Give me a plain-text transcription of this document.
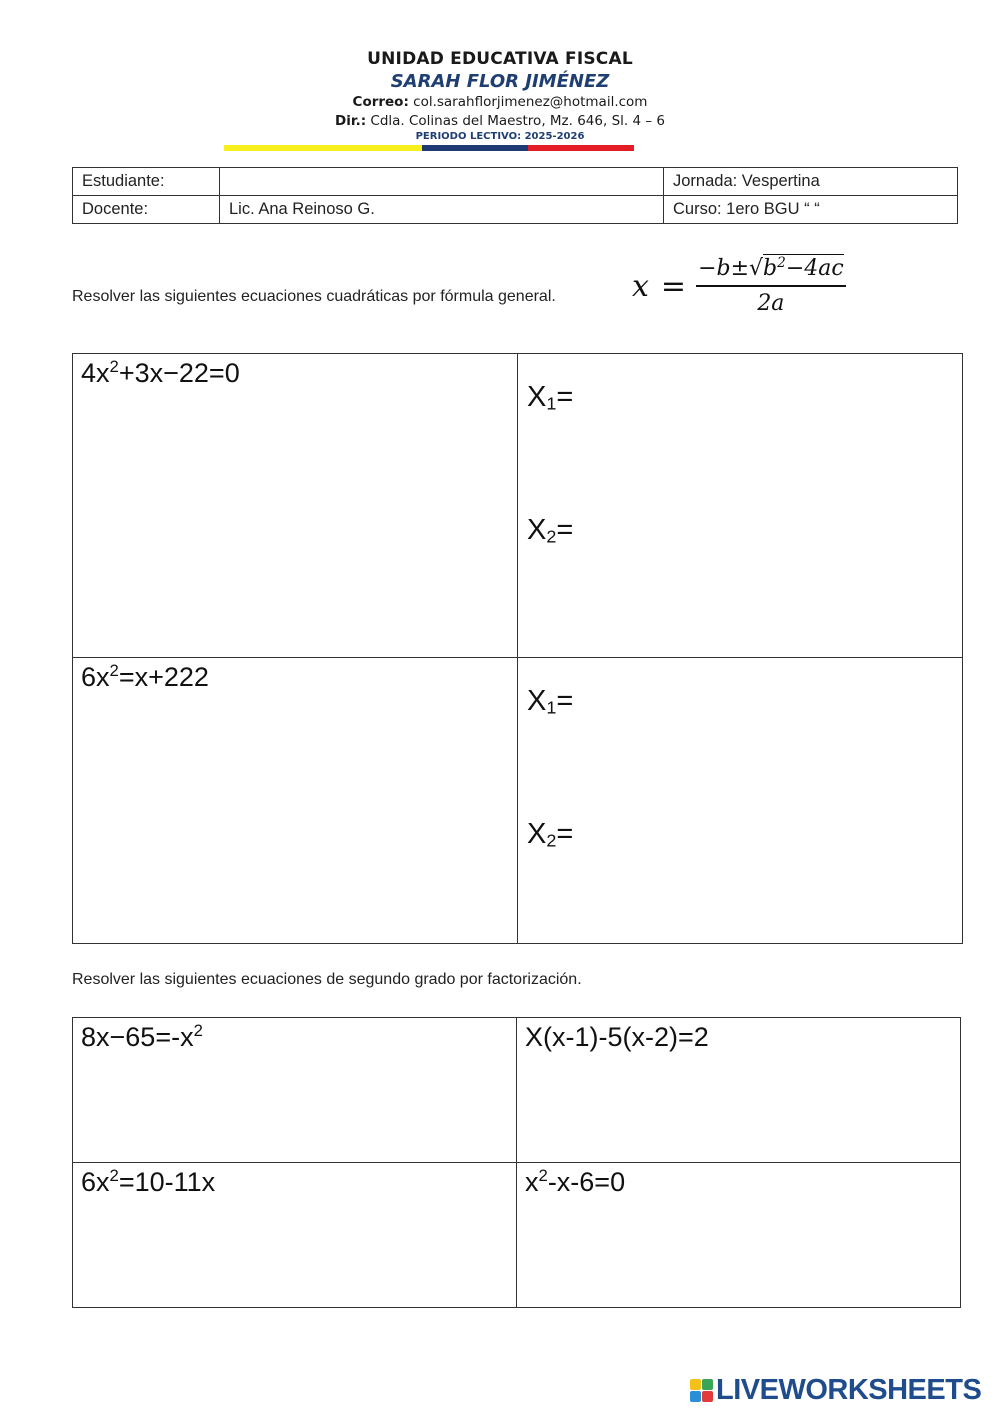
UNIDAD EDUCATIVA FISCAL
SARAH FLOR JIMÉNEZ
Correo: col.sarahflorjimenez@hotmail.com
Dir.: Cdla. Colinas del Maestro, Mz. 646, Sl. 4 – 6
PERIODO LECTIVO: 2025-2026
Estudiante:		Jornada: Vespertina
Docente:	Lic. Ana Reinoso G.	Curso: 1ero BGU “ “
Resolver las siguientes ecuaciones cuadráticas por fórmula general.	$x = \frac{-b\pm√b^2-4ac}{2a}$
$4x^2+3x-22=0$	$X_1=$
$X_2=$

$6x^2=x+222$	$X_1=$
$X_2=$
Resolver las siguientes ecuaciones de segundo grado por factorización.
$8x-65=-x^2$	X(x-1)-5(x-2)=2

$6x^2=10-11x$	$x^2-x-6=0$
LIVEWORKSHEETS
